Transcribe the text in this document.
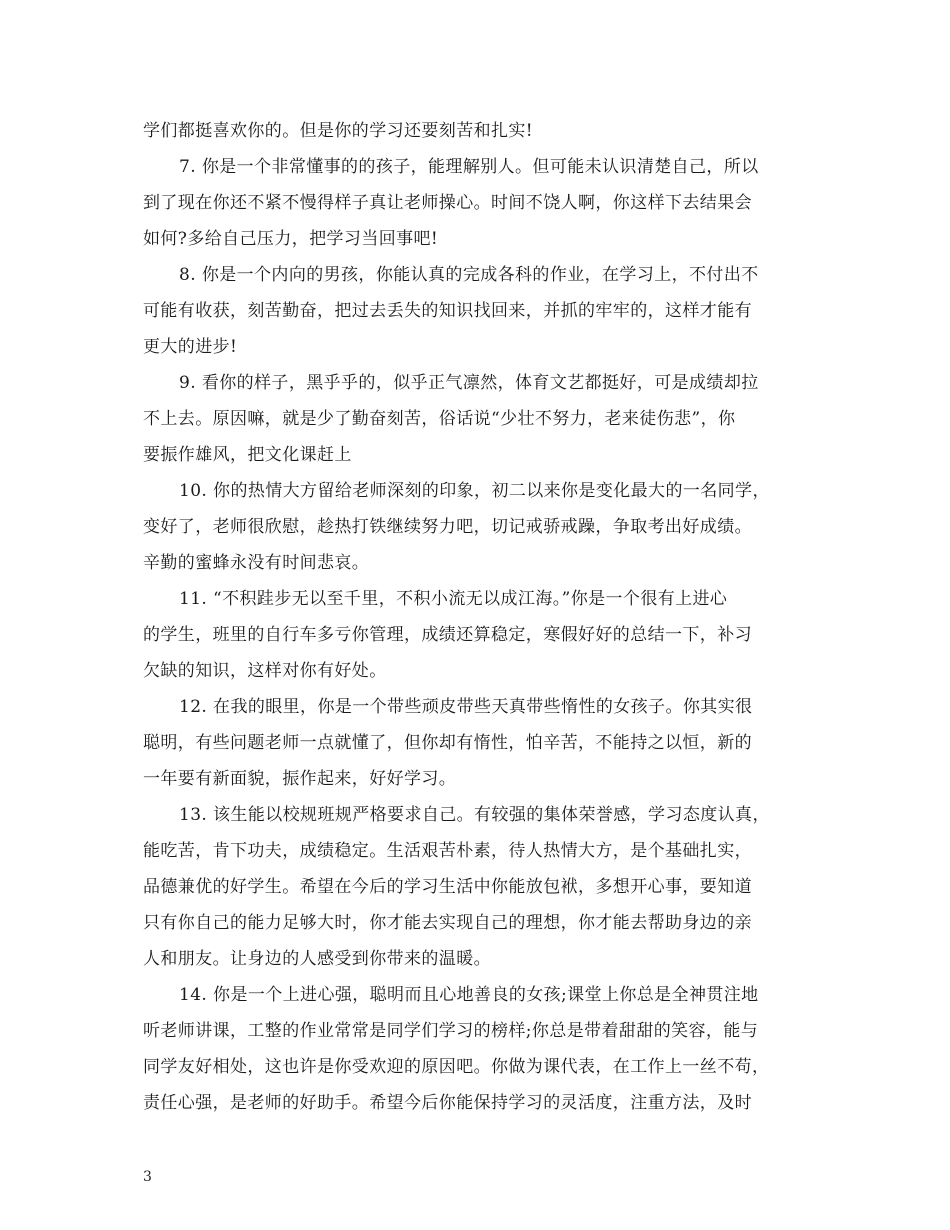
学们都挺喜欢你的。但是你的学习还要刻苦和扎实!
7. 你是一个非常懂事的的孩子，能理解别人。但可能未认识清楚自己，所以
到了现在你还不紧不慢得样子真让老师操心。时间不饶人啊，你这样下去结果会
如何?多给自己压力，把学习当回事吧!
8. 你是一个内向的男孩，你能认真的完成各科的作业，在学习上，不付出不
可能有收获，刻苦勤奋，把过去丢失的知识找回来，并抓的牢牢的，这样才能有
更大的进步!
9. 看你的样子，黑乎乎的，似乎正气凛然，体育文艺都挺好，可是成绩却拉
不上去。原因嘛，就是少了勤奋刻苦，俗话说“少壮不努力，老来徒伤悲”，你
要振作雄风，把文化课赶上
10. 你的热情大方留给老师深刻的印象，初二以来你是变化最大的一名同学，
变好了，老师很欣慰，趁热打铁继续努力吧，切记戒骄戒躁，争取考出好成绩。
辛勤的蜜蜂永没有时间悲哀。
11. “不积跬步无以至千里，不积小流无以成江海。”你是一个很有上进心
的学生，班里的自行车多亏你管理，成绩还算稳定，寒假好好的总结一下，补习
欠缺的知识，这样对你有好处。
12. 在我的眼里，你是一个带些顽皮带些天真带些惰性的女孩子。你其实很
聪明，有些问题老师一点就懂了，但你却有惰性，怕辛苦，不能持之以恒，新的
一年要有新面貌，振作起来，好好学习。
13. 该生能以校规班规严格要求自己。有较强的集体荣誉感，学习态度认真，
能吃苦，肯下功夫，成绩稳定。生活艰苦朴素，待人热情大方，是个基础扎实，
品德兼优的好学生。希望在今后的学习生活中你能放包袱，多想开心事，要知道
只有你自己的能力足够大时，你才能去实现自己的理想，你才能去帮助身边的亲
人和朋友。让身边的人感受到你带来的温暖。
14. 你是一个上进心强，聪明而且心地善良的女孩;课堂上你总是全神贯注地
听老师讲课，工整的作业常常是同学们学习的榜样;你总是带着甜甜的笑容，能与
同学友好相处，这也许是你受欢迎的原因吧。你做为课代表，在工作上一丝不苟，
责任心强，是老师的好助手。希望今后你能保持学习的灵活度，注重方法，及时
3
